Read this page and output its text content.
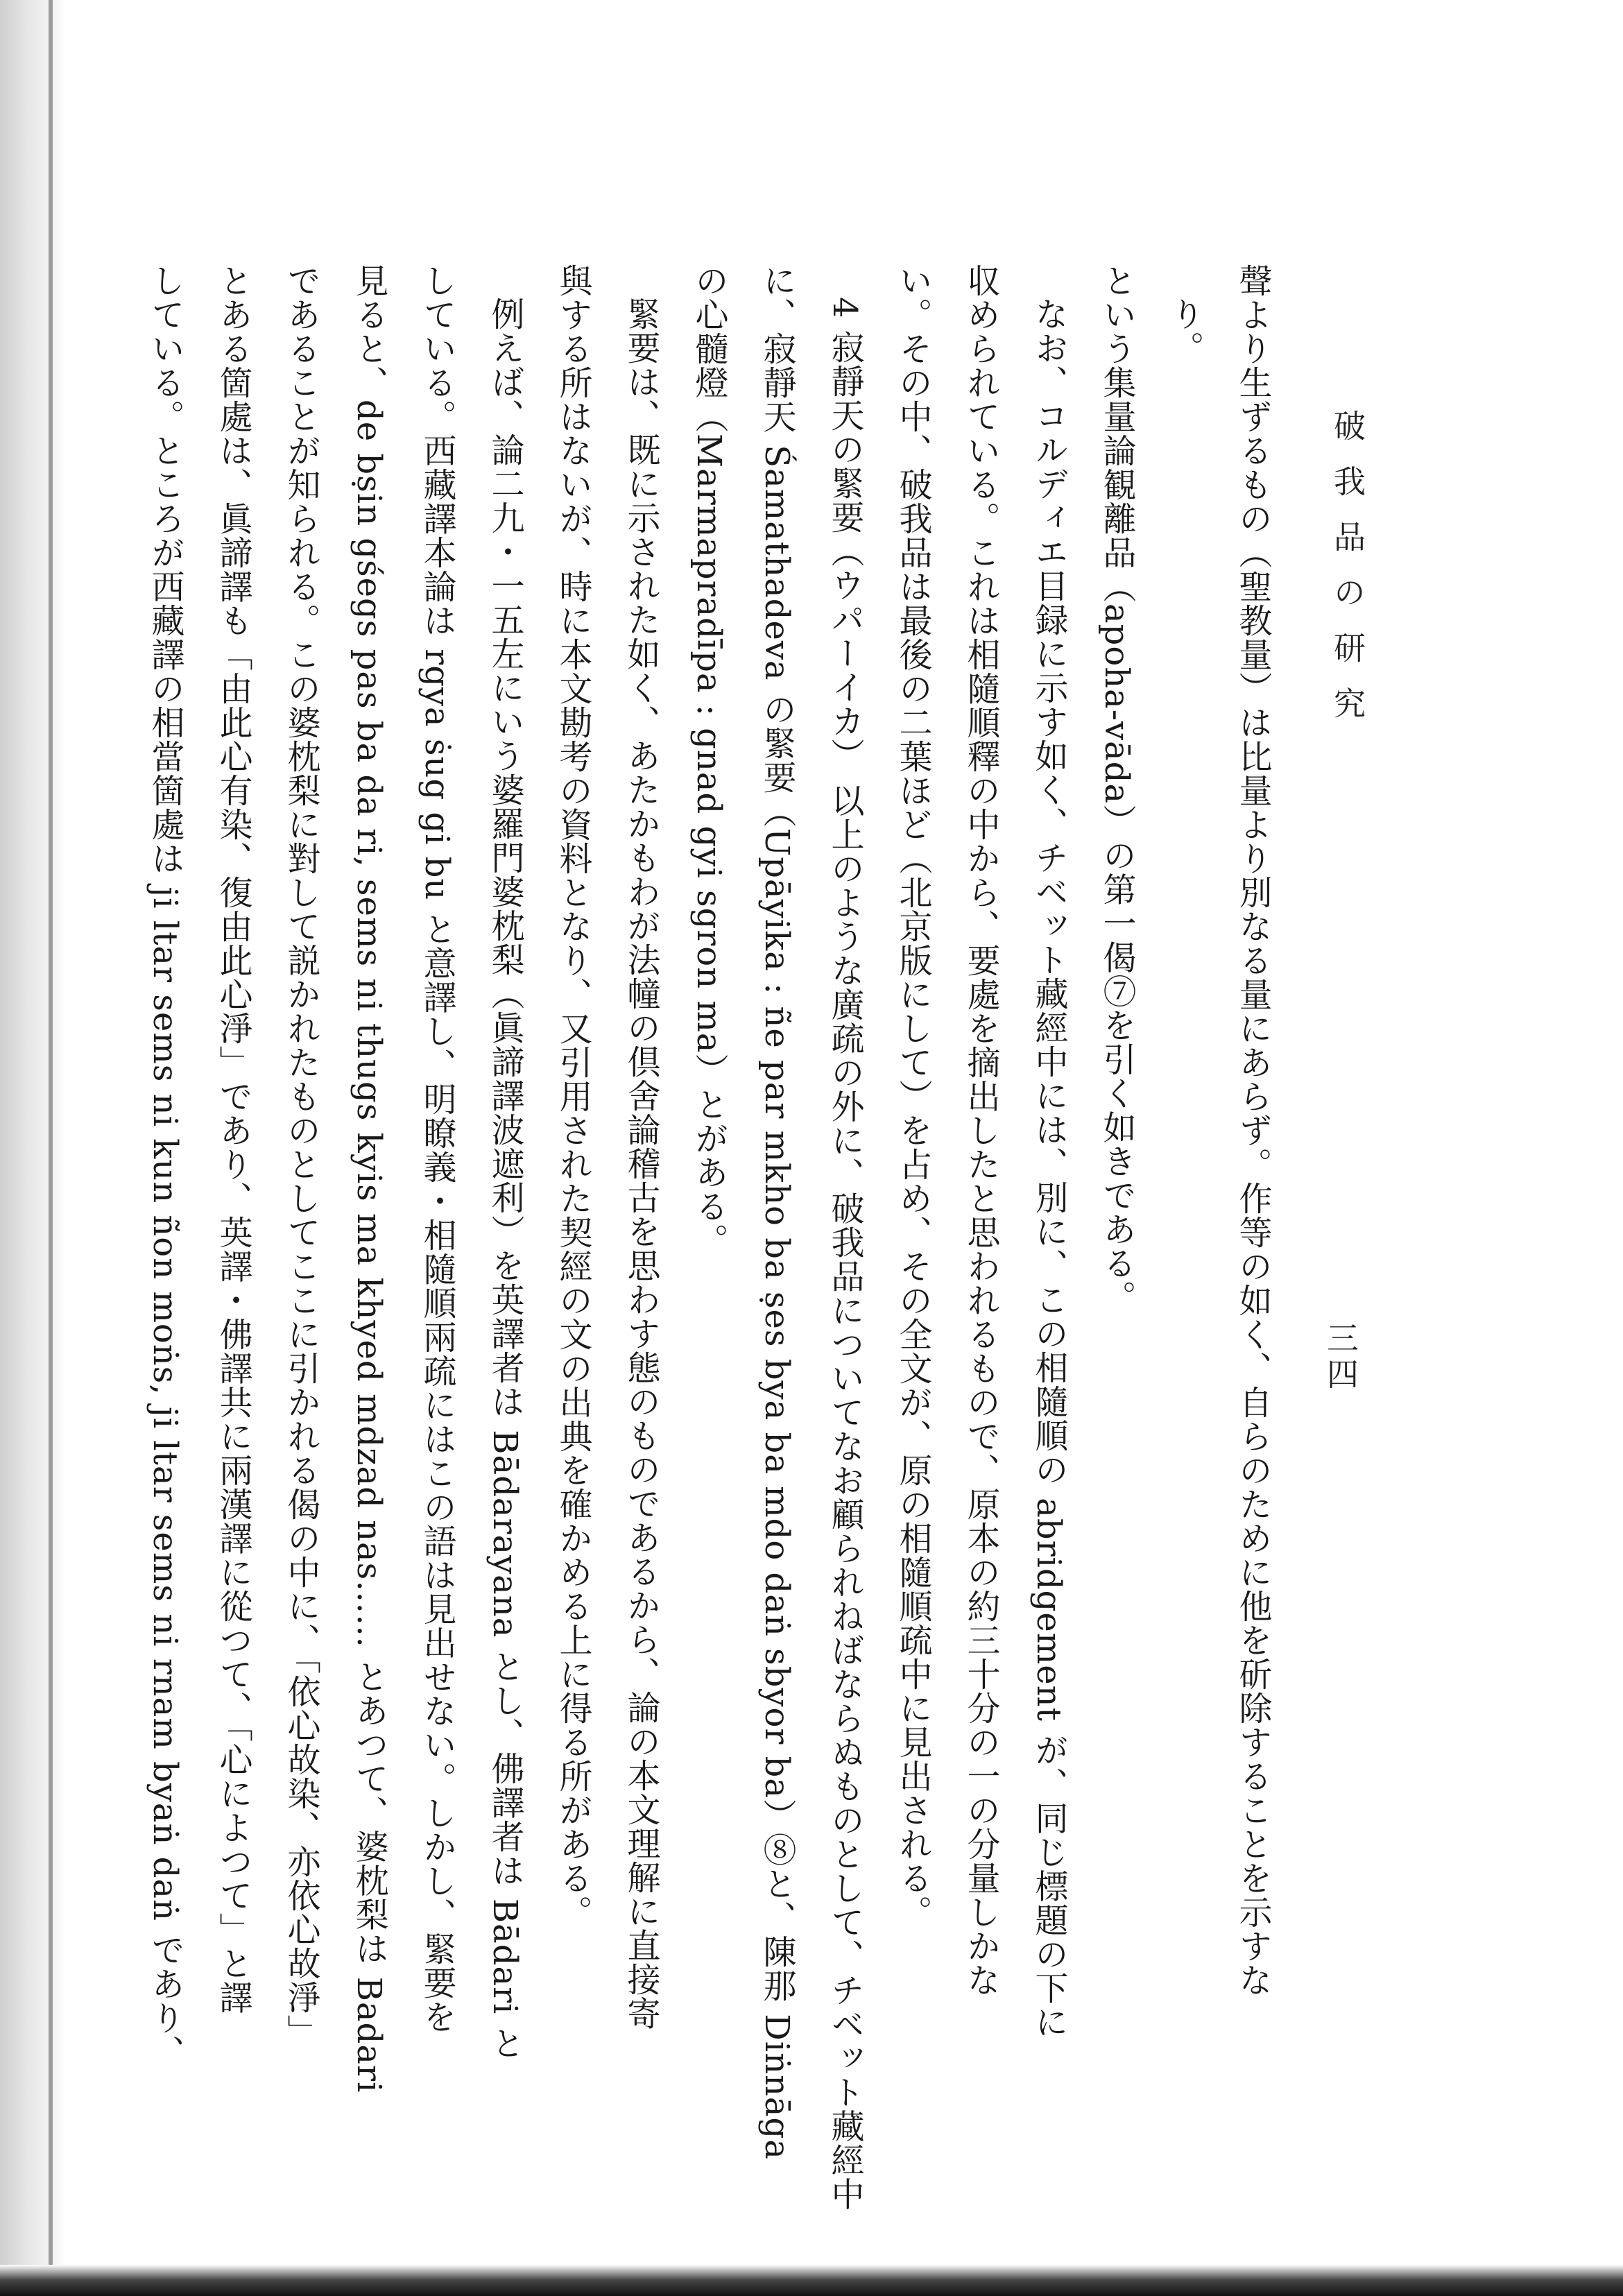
破我品の研究
三四
聲より生ずるもの（聖教量）は比量より別なる量にあらず。作等の如く、自らのために他を斫除することを示すな
り。
という集量論観離品（apoha-vāda）の第一偈⑦を引く如きである。
なお、コルディエ目録に示す如く、チベット藏經中には、別に、この相隨順の abridgement が、同じ標題の下に
収められている。これは相隨順釋の中から、要處を摘出したと思われるもので、原本の約三十分の一の分量しかな
い。その中、破我品は最後の二葉ほど（北京版にして）を占め、その全文が、原の相隨順疏中に見出される。
4 寂靜天の緊要（ウパーイカ） 以上のような廣疏の外に、破我品についてなお顧られねばならぬものとして、チベット藏經中
に、寂靜天 Śamathadeva の緊要（Upāyika : ñe par mkho ba ṣes bya ba mdo daṅ sbyor ba）⑧と、陳那 Diṅnāga
の心髓燈（Marmapradīpa : gnad gyi sgron ma）とがある。
緊要は、既に示された如く、あたかもわが法幢の倶舍論稽古を思わす態のものであるから、論の本文理解に直接寄
與する所はないが、時に本文勘考の資料となり、又引用された契經の文の出典を確かめる上に得る所がある。
例えば、論二九・一五左にいう婆羅門婆枕梨（眞諦譯波遮利）を英譯者は Bādarayana とし、佛譯者は Bādari と
している。西藏譯本論は rgya ṡug gi bu と意譯し、明瞭義・相隨順兩疏にはこの語は見出せない。しかし、緊要を
見ると、de bṣin gśegs pas ba da ri, sems ni thugs kyis ma khyed mdzad nas…… とあつて、婆枕梨は Badari
であることが知られる。この婆枕梨に對して説かれたものとしてここに引かれる偈の中に、「依心故染、亦依心故淨」
とある箇處は、眞諦譯も「由此心有染、復由此心淨」であり、英譯・佛譯共に兩漢譯に從つて、「心によつて」と譯
している。ところが西藏譯の相當箇處は ji ltar sems ni kun ñon moṅs, ji ltar sems ni rnam byaṅ daṅ であり、
